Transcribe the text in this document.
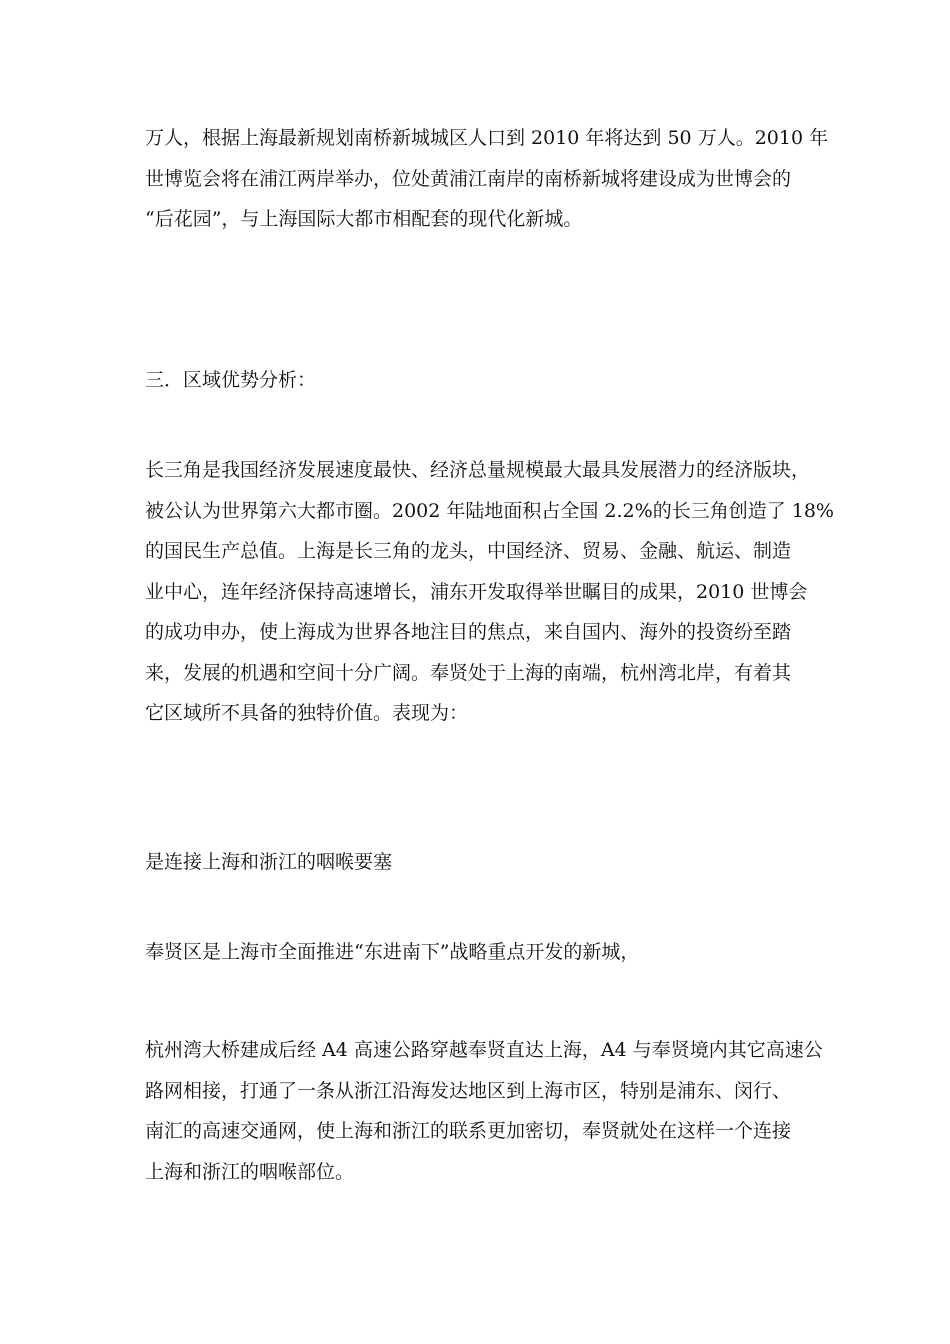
万人，根据上海最新规划南桥新城城区人口到 2010 年将达到 50 万人。2010 年
世博览会将在浦江两岸举办，位处黄浦江南岸的南桥新城将建设成为世博会的
“后花园”，与上海国际大都市相配套的现代化新城。

三．区域优势分析：

长三角是我国经济发展速度最快、经济总量规模最大最具发展潜力的经济版块，
被公认为世界第六大都市圈。2002 年陆地面积占全国 2.2%的长三角创造了 18%
的国民生产总值。上海是长三角的龙头，中国经济、贸易、金融、航运、制造
业中心，连年经济保持高速增长，浦东开发取得举世瞩目的成果，2010 世博会
的成功申办，使上海成为世界各地注目的焦点，来自国内、海外的投资纷至踏
来，发展的机遇和空间十分广阔。奉贤处于上海的南端，杭州湾北岸，有着其
它区域所不具备的独特价值。表现为：

是连接上海和浙江的咽喉要塞

奉贤区是上海市全面推进“东进南下”战略重点开发的新城，

杭州湾大桥建成后经 A4 高速公路穿越奉贤直达上海，A4 与奉贤境内其它高速公
路网相接，打通了一条从浙江沿海发达地区到上海市区，特别是浦东、闵行、
南汇的高速交通网，使上海和浙江的联系更加密切，奉贤就处在这样一个连接
上海和浙江的咽喉部位。
